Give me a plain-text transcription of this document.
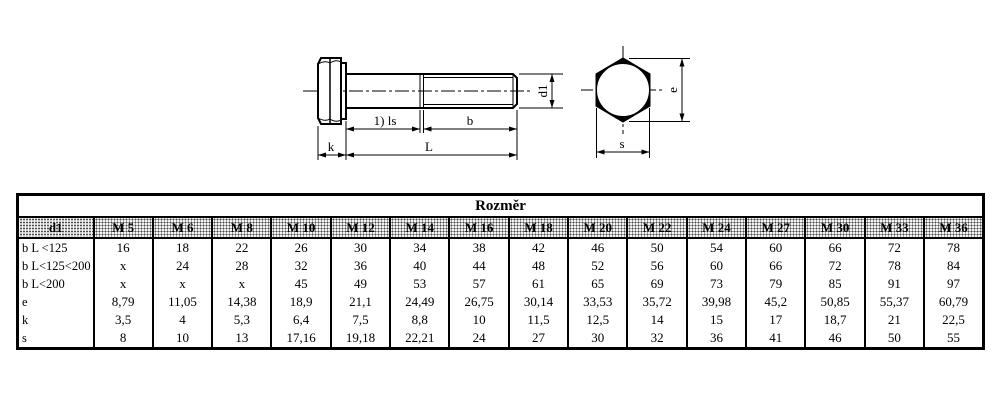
1) ls	b
k	L
d1	e
s
Rozměr															
d1	M 5	M 6	M 8	M 10	M 12	M 14	M 16	M 18	M 20	M 22	M 24	M 27	M 30	M 33	M 36
b L <125	16	18	22	26	30	34	38	42	46	50	54	60	66	72	78
b L<125<200	x	24	28	32	36	40	44	48	52	56	60	66	72	78	84
b L<200	x	x	x	45	49	53	57	61	65	69	73	79	85	91	97
e	8,79	11,05	14,38	18,9	21,1	24,49	26,75	30,14	33,53	35,72	39,98	45,2	50,85	55,37	60,79
k	3,5	4	5,3	6,4	7,5	8,8	10	11,5	12,5	14	15	17	18,7	21	22,5
s	8	10	13	17,16	19,18	22,21	24	27	30	32	36	41	46	50	55
